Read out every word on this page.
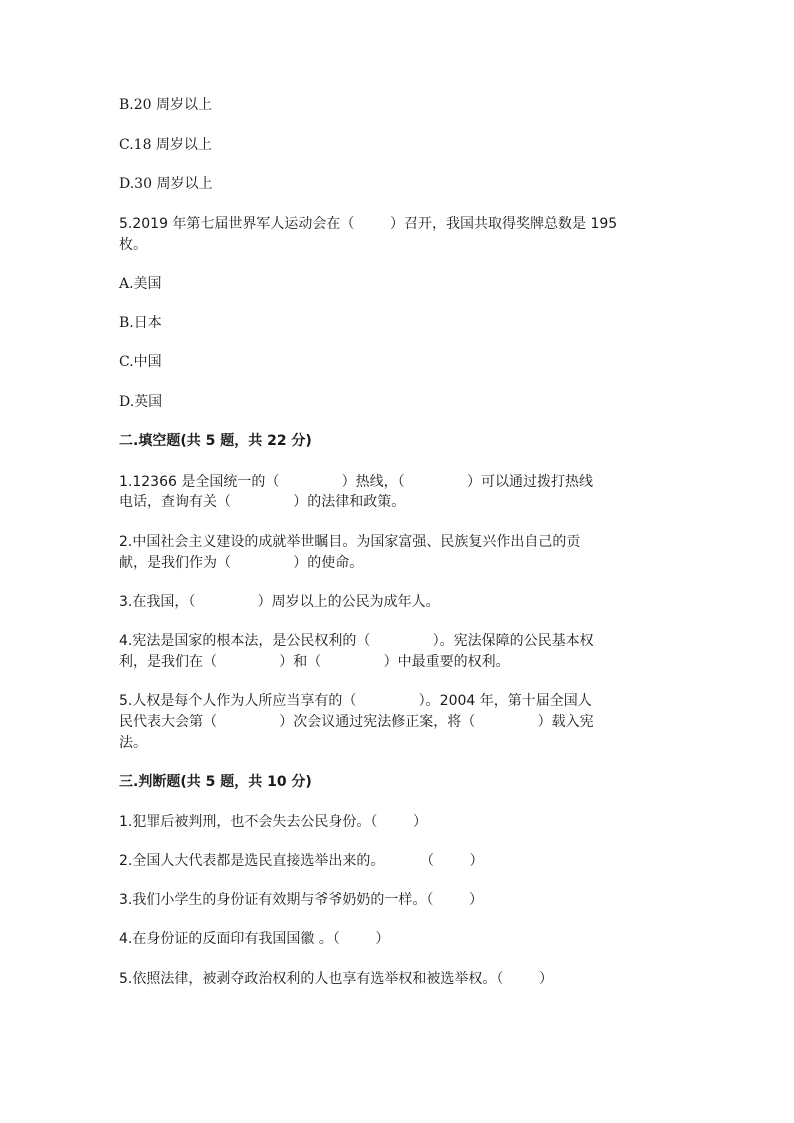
B.20 周岁以上

C.18 周岁以上

D.30 周岁以上

5.2019 年第七届世界军人运动会在（        ）召开，我国共取得奖牌总数是 195

枚。

A.美国

B.日本

C.中国

D.英国

二.填空题(共 5 题，共 22 分)

1.12366 是全国统一的（              ）热线，（              ）可以通过拨打热线

电话，查询有关（              ）的法律和政策。

2.中国社会主义建设的成就举世瞩目。为国家富强、民族复兴作出自己的贡

献，是我们作为（              ）的使命。

3.在我国，（              ）周岁以上的公民为成年人。

4.宪法是国家的根本法，是公民权利的（              ）。宪法保障的公民基本权

利，是我们在（              ）和（              ）中最重要的权利。

5.人权是每个人作为人所应当享有的（              ）。2004 年，第十届全国人

民代表大会第（              ）次会议通过宪法修正案，将（              ）载入宪

法。

三.判断题(共 5 题，共 10 分)

1.犯罪后被判刑，也不会失去公民身份。（        ）

2.全国人大代表都是选民直接选举出来的。        （        ）

3.我们小学生的身份证有效期与爷爷奶奶的一样。（        ）

4.在身份证的反面印有我国国徽 。（        ）

5.依照法律，被剥夺政治权利的人也享有选举权和被选举权。（        ）
